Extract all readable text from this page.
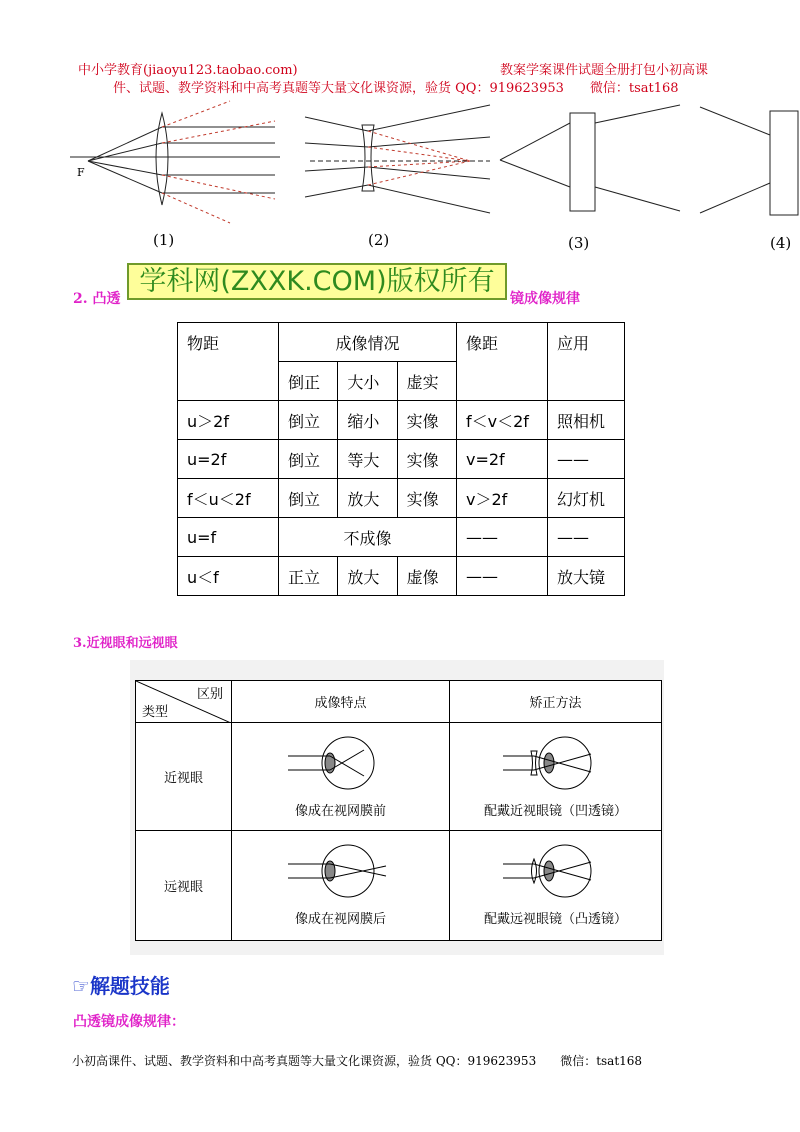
中小学教育(jiaoyu123.taobao.com)	教案学案课件试题全册打包小初高课
件、试题、教学资料和中高考真题等大量文化课资源，验货 QQ：919623953　　微信：tsat168
F
(1)	(2)	(3)	(4)
2. 凸透	镜成像规律
学科网(ZXXK.COM)版权所有
物距	成像情况			像距	应用
	倒正	大小	虚实		
u＞2f	倒立	缩小	实像	f＜v＜2f	照相机
u=2f	倒立	等大	实像	v=2f	——
f＜u＜2f	倒立	放大	实像	v＞2f	幻灯机
u=f	不成像			——	——
u＜f	正立	放大	虚像	——	放大镜
3.近视眼和远视眼
区别
类型	成像特点	矫正方法
近视眼	像成在视网膜前	配戴近视眼镜（凹透镜）

远视眼	像成在视网膜后	配戴远视眼镜（凸透镜）
☞解题技能
凸透镜成像规律：
小初高课件、试题、教学资料和中高考真题等大量文化课资源，验货 QQ：919623953　　微信：tsat168
